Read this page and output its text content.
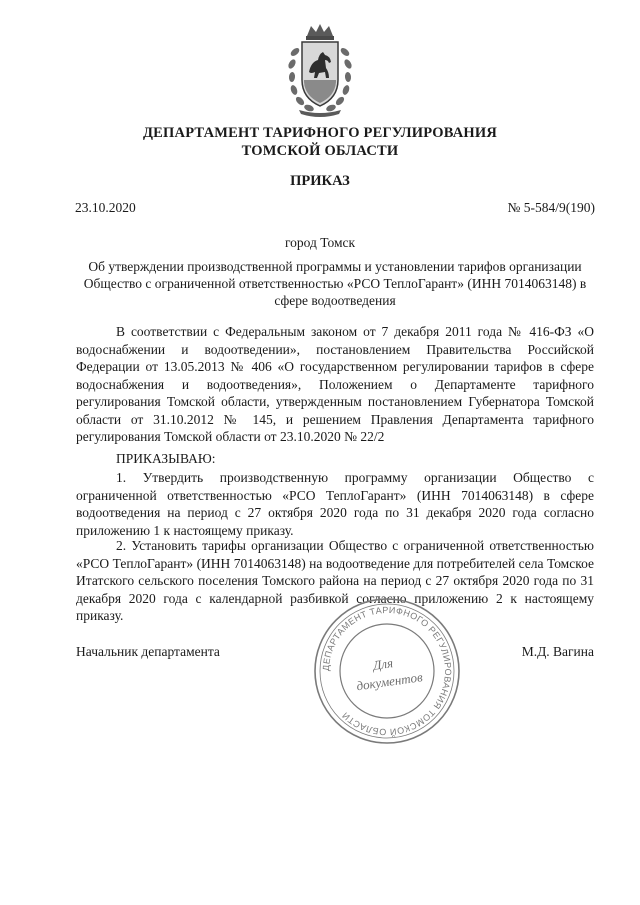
ДЕПАРТАМЕНТ ТАРИФНОГО РЕГУЛИРОВАНИЯ
ТОМСКОЙ ОБЛАСТИ
ПРИКАЗ
23.10.2020	№ 5-584/9(190)
город Томск
Об утверждении производственной программы и установлении тарифов организации Общество с ограниченной ответственностью «РСО ТеплоГарант» (ИНН 7014063148) в сфере водоотведения

В соответствии с Федеральным законом от 7 декабря 2011 года № 416-ФЗ «О водоснабжении и водоотведении», постановлением Правительства Российской Федерации от 13.05.2013 № 406 «О государственном регулировании тарифов в сфере водоснабжения и водоотведения», Положением о Департаменте тарифного регулирования Томской области, утвержденным постановлением Губернатора Томской области от 31.10.2012 № 145, и решением Правления Департамента тарифного регулирования Томской области от 23.10.2020 № 22/2

ПРИКАЗЫВАЮ:

1. Утвердить производственную программу организации Общество с ограниченной ответственностью «РСО ТеплоГарант» (ИНН 7014063148) в сфере водоотведения на период с 27 октября 2020 года по 31 декабря 2020 года согласно приложению 1 к настоящему приказу.

2. Установить тарифы организации Общество с ограниченной ответственностью «РСО ТеплоГарант» (ИНН 7014063148) на водоотведение для потребителей села Томское Итатского сельского поселения Томского района на период с 27 октября 2020 года по 31 декабря 2020 года с календарной разбивкой согласно приложению 2 к настоящему приказу.

Начальник департамента	М.Д. Вагина
ДЕПАРТАМЕНТ ТАРИФНОГО РЕГУЛИРОВАНИЯ ТОМСКОЙ ОБЛАСТИ
Для
документов
